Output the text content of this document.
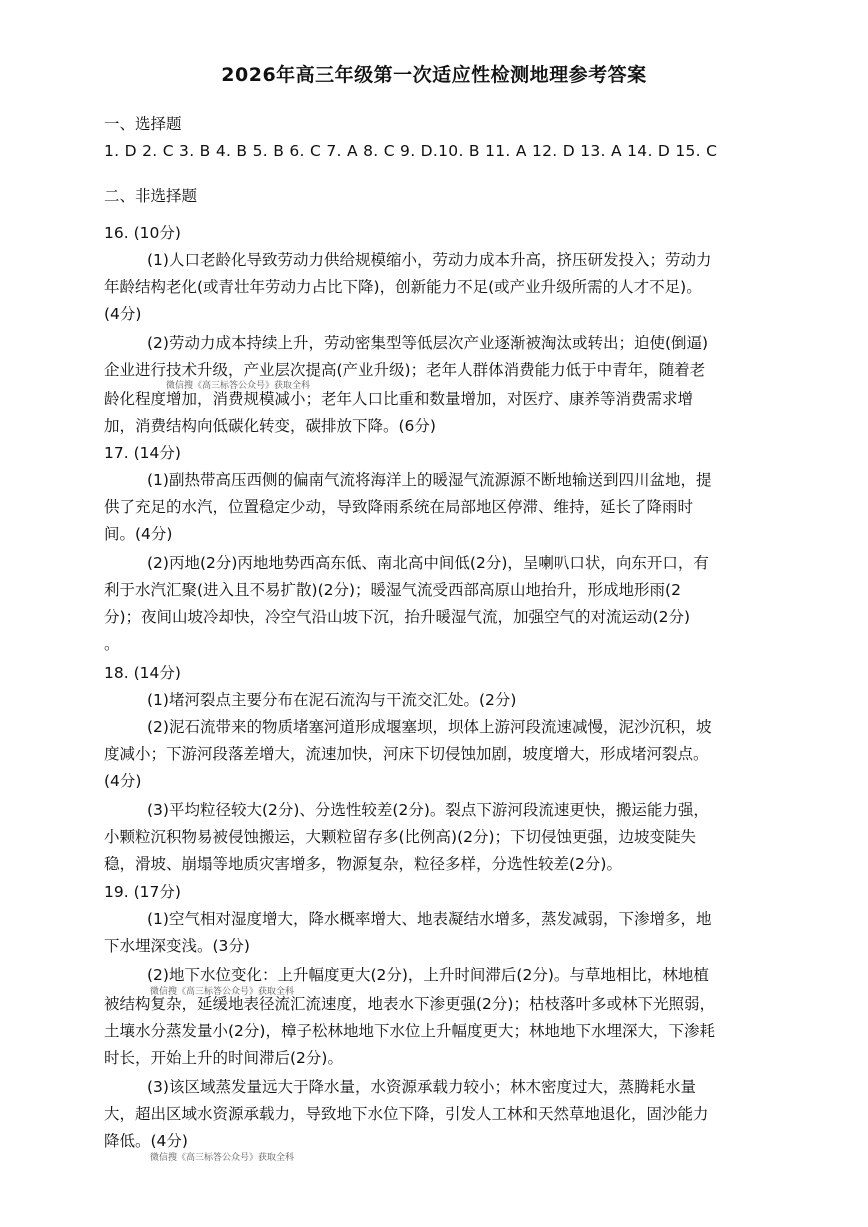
2026年高三年级第一次适应性检测地理参考答案
一、选择题
1. D 2. C 3. B 4. B 5. B 6. C 7. A 8. C 9. D.10. B 11. A 12. D 13. A 14. D 15. C
二、非选择题
16. (10分)
(1)人口老龄化导致劳动力供给规模缩小，劳动力成本升高，挤压研发投入；劳动力
年龄结构老化(或青壮年劳动力占比下降)，创新能力不足(或产业升级所需的人才不足)。
(4分)
(2)劳动力成本持续上升，劳动密集型等低层次产业逐渐被淘汰或转出；迫使(倒逼)
企业进行技术升级，产业层次提高(产业升级)；老年人群体消费能力低于中青年，随着老
微信搜《高三标答公众号》获取全科
龄化程度增加，消费规模减小；老年人口比重和数量增加，对医疗、康养等消费需求增
加，消费结构向低碳化转变，碳排放下降。(6分)
17. (14分)
(1)副热带高压西侧的偏南气流将海洋上的暖湿气流源源不断地输送到四川盆地，提
供了充足的水汽，位置稳定少动，导致降雨系统在局部地区停滞、维持，延长了降雨时
间。(4分)
(2)丙地(2分)丙地地势西高东低、南北高中间低(2分)，呈喇叭口状，向东开口，有
利于水汽汇聚(进入且不易扩散)(2分)；暖湿气流受西部高原山地抬升，形成地形雨(2
分)；夜间山坡冷却快，冷空气沿山坡下沉，抬升暖湿气流，加强空气的对流运动(2分)
。
18. (14分)
(1)堵河裂点主要分布在泥石流沟与干流交汇处。(2分)
(2)泥石流带来的物质堵塞河道形成堰塞坝，坝体上游河段流速减慢，泥沙沉积，坡
度减小；下游河段落差增大，流速加快，河床下切侵蚀加剧，坡度增大，形成堵河裂点。
(4分)
(3)平均粒径较大(2分)、分选性较差(2分)。裂点下游河段流速更快，搬运能力强，
小颗粒沉积物易被侵蚀搬运，大颗粒留存多(比例高)(2分)；下切侵蚀更强，边坡变陡失
稳，滑坡、崩塌等地质灾害增多，物源复杂，粒径多样，分选性较差(2分)。
19. (17分)
(1)空气相对湿度增大，降水概率增大、地表凝结水增多，蒸发减弱，下渗增多，地
下水埋深变浅。(3分)
(2)地下水位变化：上升幅度更大(2分)，上升时间滞后(2分)。与草地相比，林地植
微信搜《高三标答公众号》获取全科
被结构复杂，延缓地表径流汇流速度，地表水下渗更强(2分)；枯枝落叶多或林下光照弱，
土壤水分蒸发量小(2分)，樟子松林地地下水位上升幅度更大；林地地下水埋深大，下渗耗
时长，开始上升的时间滞后(2分)。
(3)该区域蒸发量远大于降水量，水资源承载力较小；林木密度过大，蒸腾耗水量
大，超出区域水资源承载力，导致地下水位下降，引发人工林和天然草地退化，固沙能力
降低。(4分)
微信搜《高三标答公众号》获取全科
